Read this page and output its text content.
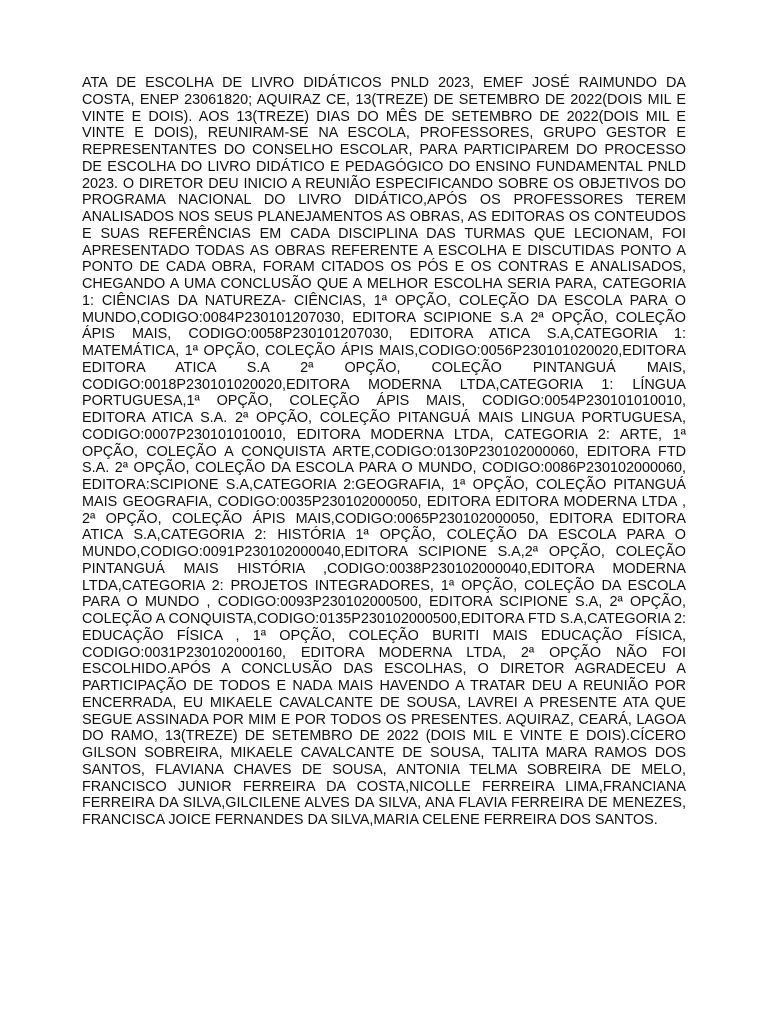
ATA DE ESCOLHA DE LIVRO DIDÁTICOS PNLD 2023, EMEF JOSÉ RAIMUNDO DA COSTA, ENEP 23061820; AQUIRAZ CE, 13(TREZE) DE SETEMBRO DE 2022(DOIS MIL E VINTE E DOIS). AOS 13(TREZE) DIAS DO MÊS DE SETEMBRO DE 2022(DOIS MIL E VINTE E DOIS), REUNIRAM-SE NA ESCOLA, PROFESSORES, GRUPO GESTOR E REPRESENTANTES DO CONSELHO ESCOLAR, PARA PARTICIPAREM DO PROCESSO DE ESCOLHA DO LIVRO DIDÁTICO E PEDAGÓGICO DO ENSINO FUNDAMENTAL PNLD 2023. O DIRETOR DEU INICIO A REUNIÃO ESPECIFICANDO SOBRE OS OBJETIVOS DO PROGRAMA NACIONAL DO LIVRO DIDÁTICO,APÓS OS PROFESSORES TEREM ANALISADOS NOS SEUS PLANEJAMENTOS AS OBRAS, AS EDITORAS OS CONTEUDOS E SUAS REFERÊNCIAS EM CADA DISCIPLINA DAS TURMAS QUE LECIONAM, FOI APRESENTADO TODAS AS OBRAS REFERENTE A ESCOLHA E DISCUTIDAS PONTO A PONTO DE CADA OBRA, FORAM CITADOS OS PÓS E OS CONTRAS E ANALISADOS, CHEGANDO A UMA CONCLUSÃO QUE A MELHOR ESCOLHA SERIA PARA, CATEGORIA 1: CIÊNCIAS DA NATUREZA- CIÊNCIAS, 1ª OPÇÃO, COLEÇÃO DA ESCOLA PARA O MUNDO,CODIGO:0084P230101207030, EDITORA SCIPIONE S.A 2ª OPÇÃO, COLEÇÃO ÁPIS MAIS, CODIGO:0058P230101207030, EDITORA ATICA S.A,CATEGORIA 1: MATEMÁTICA, 1ª OPÇÃO, COLEÇÃO ÁPIS MAIS,CODIGO:0056P230101020020,EDITORA EDITORA ATICA S.A 2ª OPÇÃO, COLEÇÃO PINTANGUÁ MAIS, CODIGO:0018P230101020020,EDITORA MODERNA LTDA,CATEGORIA 1: LÍNGUA PORTUGUESA,1ª OPÇÃO, COLEÇÃO ÁPIS MAIS, CODIGO:0054P230101010010, EDITORA ATICA S.A. 2ª OPÇÃO, COLEÇÃO PITANGUÁ MAIS LINGUA PORTUGUESA, CODIGO:0007P230101010010, EDITORA MODERNA LTDA, CATEGORIA 2: ARTE, 1ª OPÇÃO, COLEÇÃO A CONQUISTA ARTE,CODIGO:0130P230102000060, EDITORA FTD S.A. 2ª OPÇÃO, COLEÇÃO DA ESCOLA PARA O MUNDO, CODIGO:0086P230102000060, EDITORA:SCIPIONE S.A,CATEGORIA 2:GEOGRAFIA, 1ª OPÇÃO, COLEÇÃO PITANGUÁ MAIS GEOGRAFIA, CODIGO:0035P230102000050, EDITORA EDITORA MODERNA LTDA , 2ª OPÇÃO, COLEÇÃO ÁPIS MAIS,CODIGO:0065P230102000050, EDITORA EDITORA ATICA S.A,CATEGORIA 2: HISTÓRIA 1ª OPÇÃO, COLEÇÃO DA ESCOLA PARA O MUNDO,CODIGO:0091P230102000040,EDITORA SCIPIONE S.A,2ª OPÇÃO, COLEÇÃO PINTANGUÁ MAIS HISTÓRIA ,CODIGO:0038P230102000040,EDITORA MODERNA LTDA,CATEGORIA 2: PROJETOS INTEGRADORES, 1ª OPÇÃO, COLEÇÃO DA ESCOLA PARA O MUNDO , CODIGO:0093P230102000500, EDITORA SCIPIONE S.A, 2ª OPÇÃO, COLEÇÃO A CONQUISTA,CODIGO:0135P230102000500,EDITORA FTD S.A,CATEGORIA 2: EDUCAÇÃO FÍSICA , 1ª OPÇÃO, COLEÇÃO BURITI MAIS EDUCAÇÃO FÍSICA, CODIGO:0031P230102000160, EDITORA MODERNA LTDA, 2ª OPÇÃO NÃO FOI ESCOLHIDO.APÓS A CONCLUSÃO DAS ESCOLHAS, O DIRETOR AGRADECEU A PARTICIPAÇÃO DE TODOS E NADA MAIS HAVENDO A TRATAR DEU A REUNIÃO POR ENCERRADA, EU MIKAELE CAVALCANTE DE SOUSA, LAVREI A PRESENTE ATA QUE SEGUE ASSINADA POR MIM E POR TODOS OS PRESENTES. AQUIRAZ, CEARÁ, LAGOA DO RAMO, 13(TREZE) DE SETEMBRO DE 2022 (DOIS MIL E VINTE E DOIS).CÍCERO GILSON SOBREIRA, MIKAELE CAVALCANTE DE SOUSA, TALITA MARA RAMOS DOS SANTOS, FLAVIANA CHAVES DE SOUSA, ANTONIA TELMA SOBREIRA DE MELO, FRANCISCO JUNIOR FERREIRA DA COSTA,NICOLLE FERREIRA LIMA,FRANCIANA FERREIRA DA SILVA,GILCILENE ALVES DA SILVA, ANA FLAVIA FERREIRA DE MENEZES, FRANCISCA JOICE FERNANDES DA SILVA,MARIA CELENE FERREIRA DOS SANTOS.
